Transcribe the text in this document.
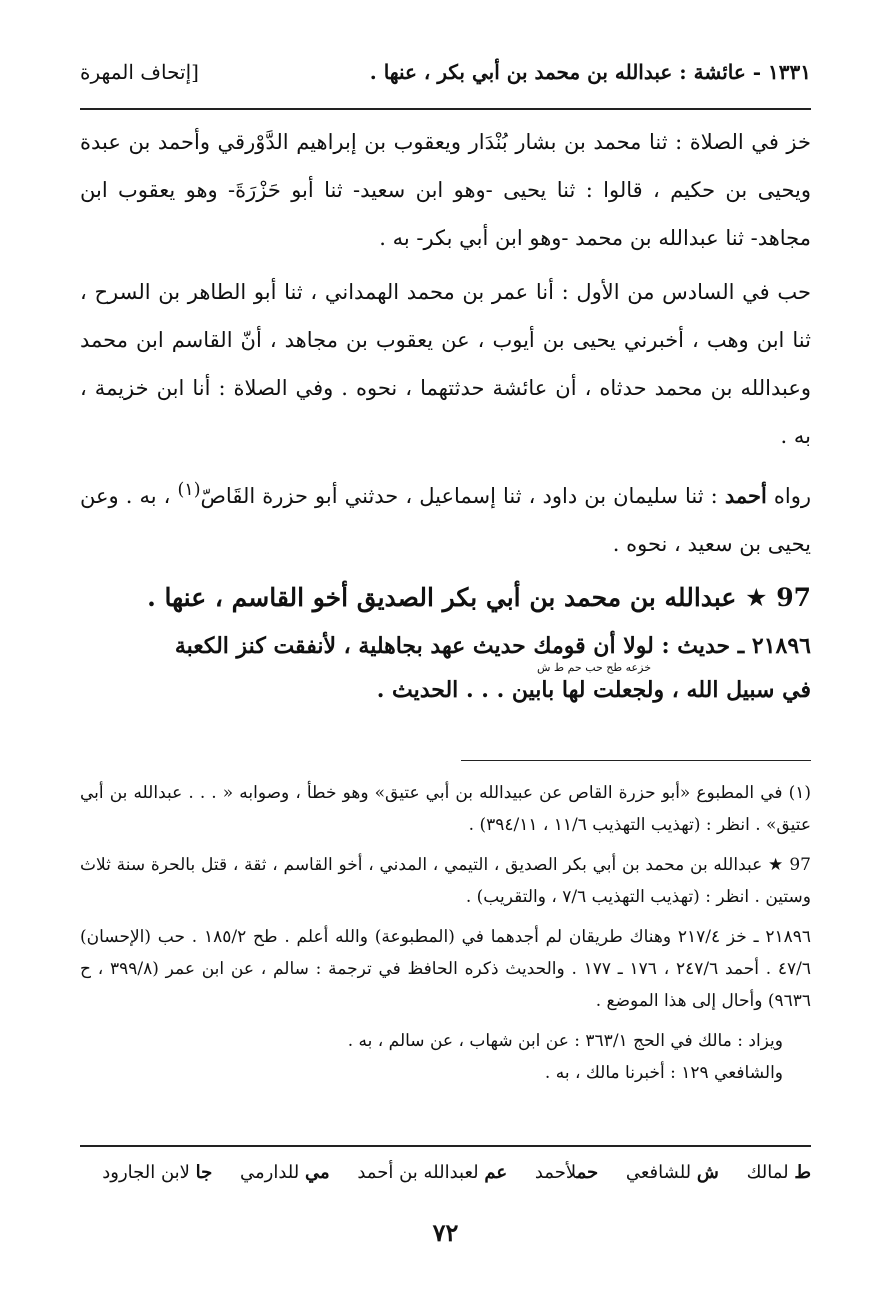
١٣٣١ - عائشة : عبدالله بن محمد بن أبي بكر ، عنها .
[إتحاف المهرة

خز في الصلاة : ثنا محمد بن بشار بُنْدَار ويعقوب بن إبراهيم الدَّوْرقي وأحمد بن عبدة ويحيى بن حكيم ، قالوا : ثنا يحيى -وهو ابن سعيد- ثنا أبو حَزْرَةَ- وهو يعقوب ابن مجاهد- ثنا عبدالله بن محمد -وهو ابن أبي بكر- به .

حب في السادس من الأول : أنا عمر بن محمد الهمداني ، ثنا أبو الطاهر بن السرح ، ثنا ابن وهب ، أخبرني يحيى بن أيوب ، عن يعقوب بن مجاهد ، أنّ القاسم ابن محمد وعبدالله بن محمد حدثاه ، أن عائشة حدثتهما ، نحوه . وفي الصلاة : أنا ابن خزيمة ، به .

رواه أحمد : ثنا سليمان بن داود ، ثنا إسماعيل ، حدثني أبو حزرة القَاصّ$^{(١)}$ ، به . وعن يحيى بن سعيد ، نحوه .

97 ★ عبدالله بن محمد بن أبي بكر الصديق أخو القاسم ، عنها .

٢١٨٩٦ ـ حديث : لولا أن قومك حديث عهد بجاهلية ، لأنفقت كنز الكعبة
خزعه طح حب حم ط ش
في سبيل الله ، ولجعلت لها بابين . . . الحديث .

(١) في المطبوع «أبو حزرة القاص عن عبيدالله بن أبي عتيق» وهو خطأ ، وصوابه « . . . عبدالله بن أبي عتيق» . انظر : (تهذيب التهذيب ١١/٦ ، ٣٩٤/١١) .

97 ★ عبدالله بن محمد بن أبي بكر الصديق ، التيمي ، المدني ، أخو القاسم ، ثقة ، قتل بالحرة سنة ثلاث وستين . انظر : (تهذيب التهذيب ٧/٦ ، والتقريب) .

٢١٨٩٦ ـ خز ٢١٧/٤ وهناك طريقان لم أجدهما في (المطبوعة) والله أعلم . طح ١٨٥/٢ . حب (الإحسان) ٤٧/٦ . أحمد ٢٤٧/٦ ، ١٧٦ ـ ١٧٧ . والحديث ذكره الحافظ في ترجمة : سالم ، عن ابن عمر (٣٩٩/٨ ، ح ٩٦٣٦) وأحال إلى هذا الموضع .

ويزاد : مالك في الحج ٣٦٣/١ : عن ابن شهاب ، عن سالم ، به .

والشافعي ١٢٩ : أخبرنا مالك ، به .

ط لمالك ش للشافعي حملأحمد عم لعبدالله بن أحمد مي للدارمي جا لابن الجارود
٧٢
